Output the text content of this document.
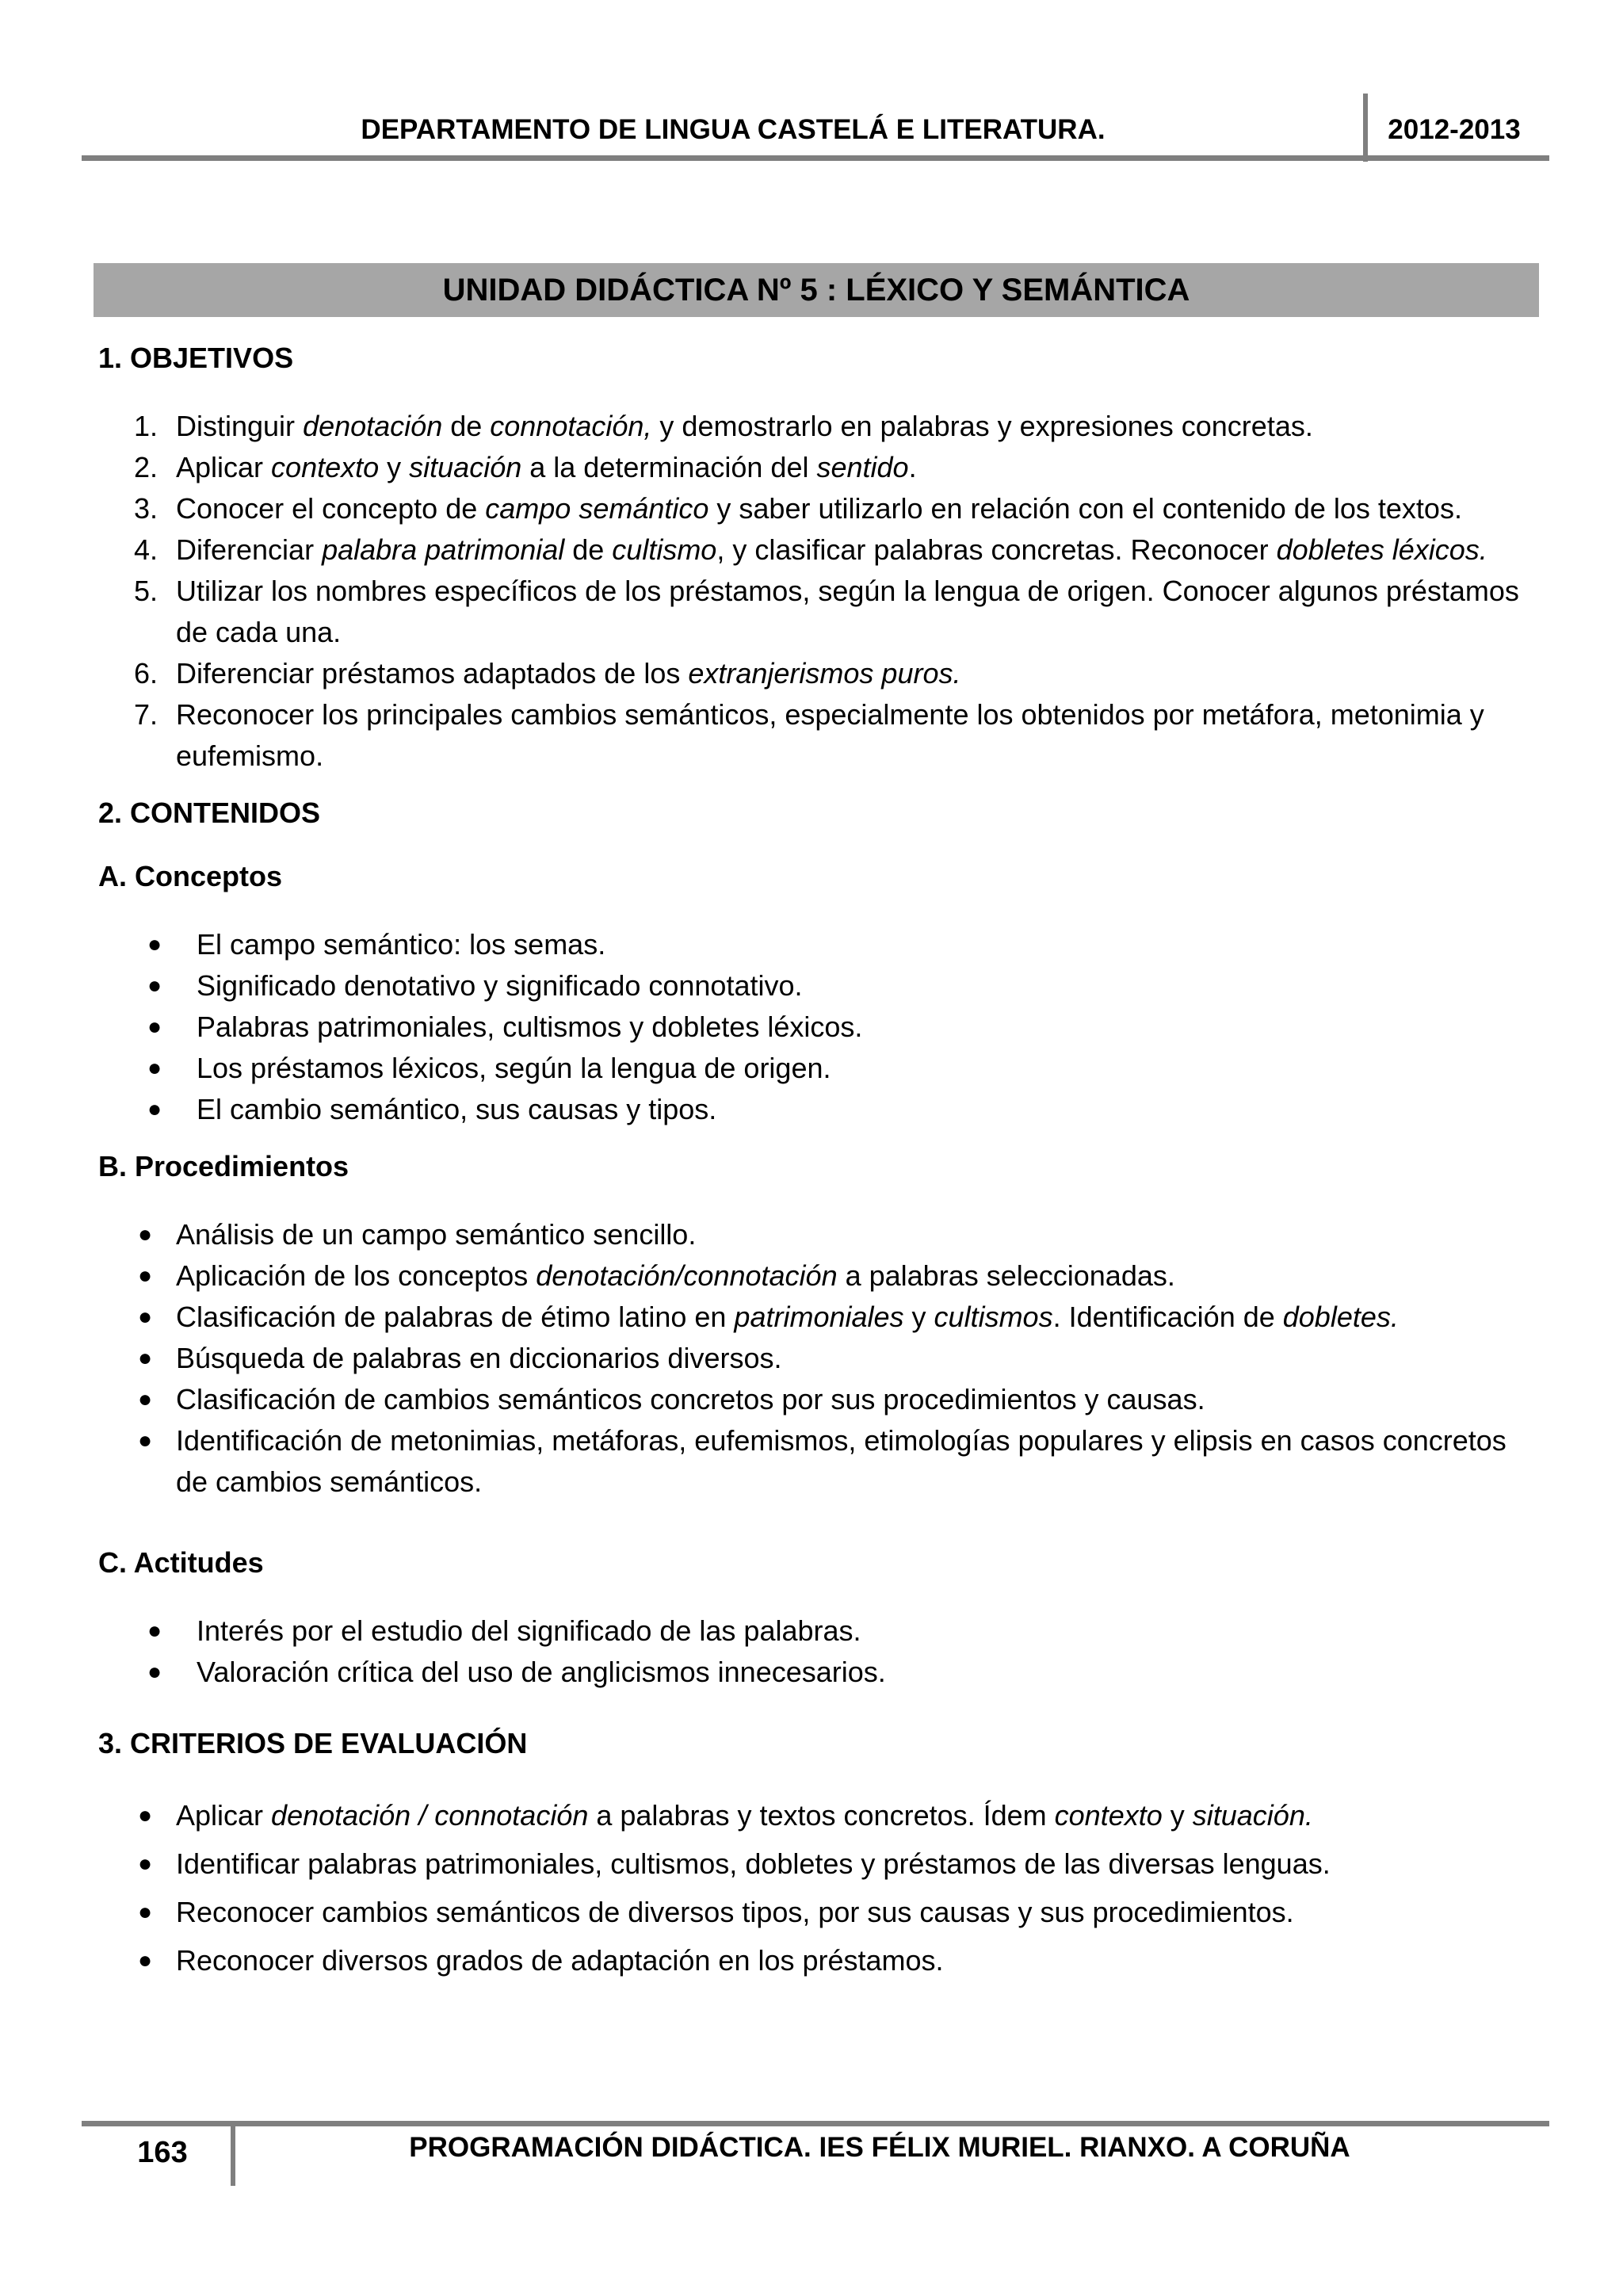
DEPARTAMENTO DE LINGUA CASTELÁ E LITERATURA.	2012-2013
UNIDAD DIDÁCTICA Nº 5 : LÉXICO Y SEMÁNTICA

1. OBJETIVOS

1. Distinguir denotación de connotación, y demostrarlo en palabras y expresiones concretas.
2. Aplicar contexto y situación a la determinación del sentido.
3. Conocer el concepto de campo semántico y saber utilizarlo en relación con el contenido de los textos.
4. Diferenciar palabra patrimonial de cultismo, y clasificar palabras concretas. Reconocer dobletes léxicos.
5. Utilizar los nombres específicos de los préstamos, según la lengua de origen. Conocer algunos préstamos de cada una.
6. Diferenciar préstamos adaptados de los extranjerismos puros.
7. Reconocer los principales cambios semánticos, especialmente los obtenidos por metáfora, metonimia y eufemismo.

2. CONTENIDOS

A. Conceptos

● El campo semántico: los semas.
● Significado denotativo y significado connotativo.
● Palabras patrimoniales, cultismos y dobletes léxicos.
● Los préstamos léxicos, según la lengua de origen.
● El cambio semántico, sus causas y tipos.

B. Procedimientos

● Análisis de un campo semántico sencillo.
● Aplicación de los conceptos denotación/connotación a palabras seleccionadas.
● Clasificación de palabras de étimo latino en patrimoniales y cultismos. Identificación de dobletes.
● Búsqueda de palabras en diccionarios diversos.
● Clasificación de cambios semánticos concretos por sus procedimientos y causas.
● Identificación de metonimias, metáforas, eufemismos, etimologías populares y elipsis en casos concretos de cambios semánticos.

C. Actitudes

● Interés por el estudio del significado de las palabras.
● Valoración crítica del uso de anglicismos innecesarios.

3. CRITERIOS DE EVALUACIÓN

● Aplicar denotación / connotación a palabras y textos concretos. Ídem contexto y situación.
● Identificar palabras patrimoniales, cultismos, dobletes y préstamos de las diversas lenguas.
● Reconocer cambios semánticos de diversos tipos, por sus causas y sus procedimientos.
● Reconocer diversos grados de adaptación en los préstamos.
163	PROGRAMACIÓN DIDÁCTICA. IES FÉLIX MURIEL. RIANXO. A CORUÑA
